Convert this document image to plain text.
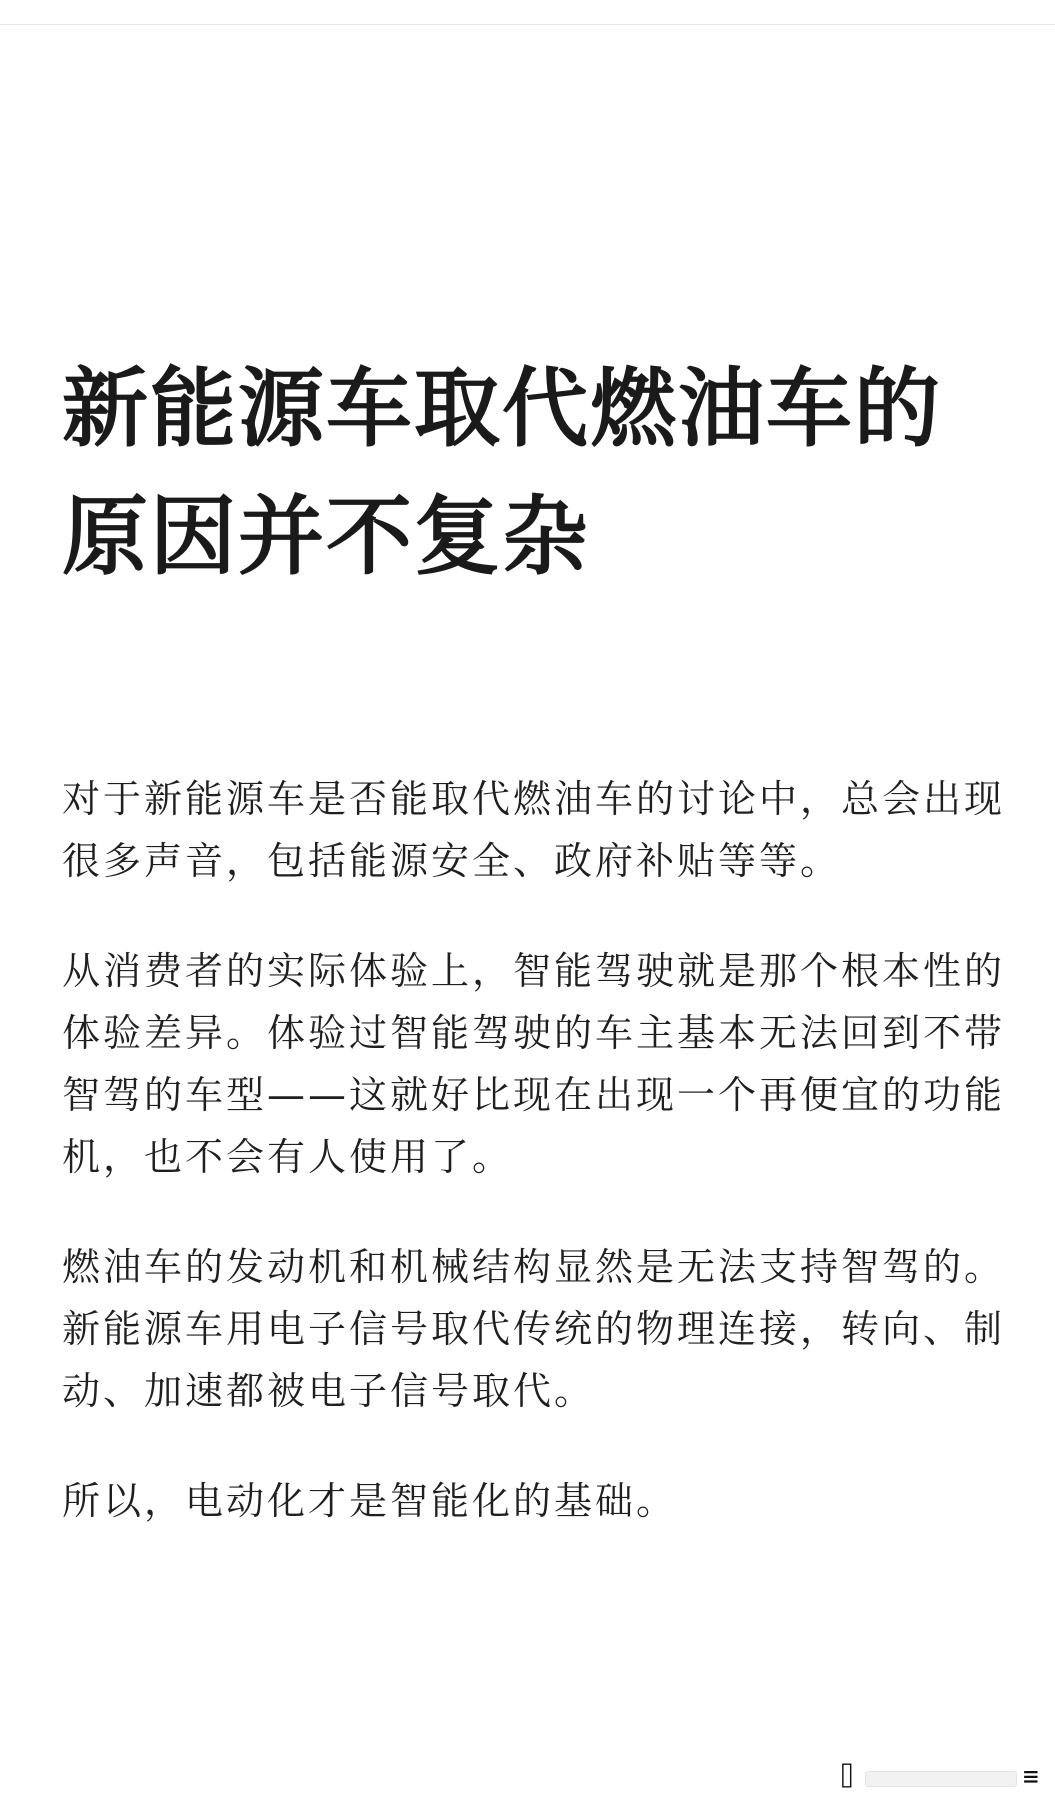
新能源车取代燃油车的原因并不复杂

对于新能源车是否能取代燃油车的讨论中，总会出现很多声音，包括能源安全、政府补贴等等。

从消费者的实际体验上，智能驾驶就是那个根本性的体验差异。体验过智能驾驶的车主基本无法回到不带智驾的车型——这就好比现在出现一个再便宜的功能机，也不会有人使用了。

燃油车的发动机和机械结构显然是无法支持智驾的。新能源车用电子信号取代传统的物理连接，转向、制动、加速都被电子信号取代。

所以，电动化才是智能化的基础。

⌷	≡
